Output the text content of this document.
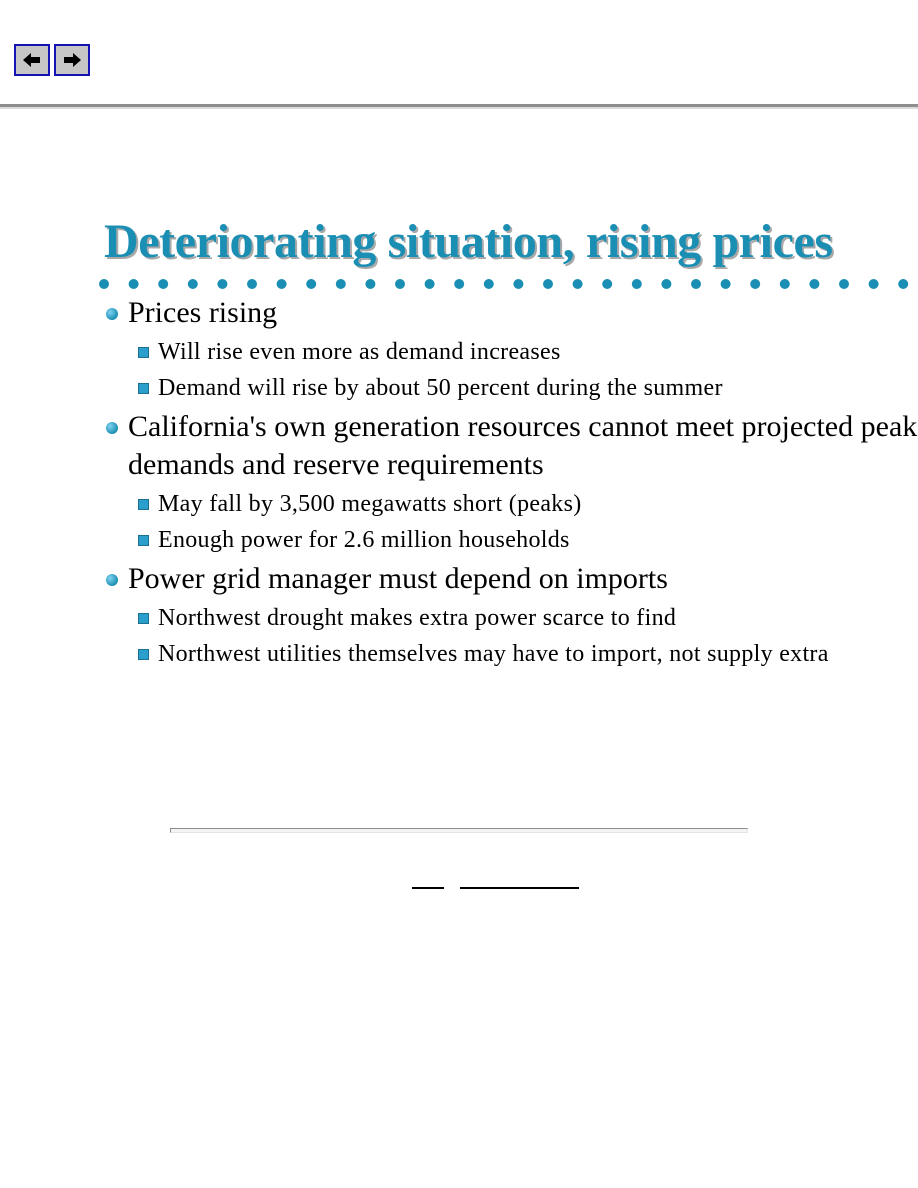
Deteriorating situation, rising prices
Prices rising
Will rise even more as demand increases
Demand will rise by about 50 percent during the summer
California's own generation resources cannot meet projected peak demands and reserve requirements
May fall by 3,500 megawatts short (peaks)
Enough power for 2.6 million households
Power grid manager must depend on imports
Northwest drought makes extra power scarce to find
Northwest utilities themselves may have to import, not supply extra
